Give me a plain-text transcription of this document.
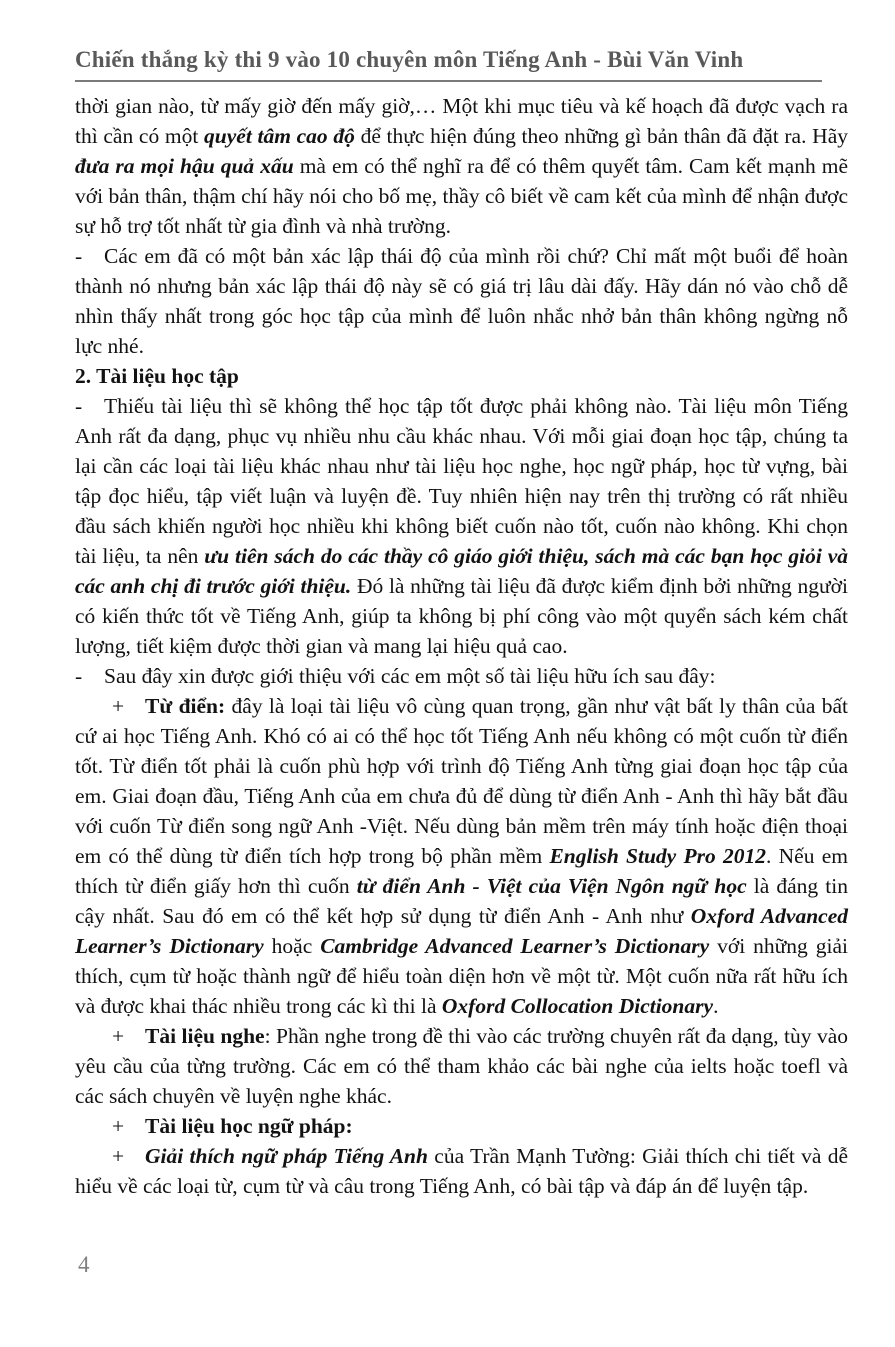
Chiến thắng kỳ thi 9 vào 10 chuyên môn Tiếng Anh - Bùi Văn Vinh

thời gian nào, từ mấy giờ đến mấy giờ,… Một khi mục tiêu và kế hoạch đã được vạch ra thì cần có một quyết tâm cao độ để thực hiện đúng theo những gì bản thân đã đặt ra. Hãy đưa ra mọi hậu quả xấu mà em có thể nghĩ ra để có thêm quyết tâm. Cam kết mạnh mẽ với bản thân, thậm chí hãy nói cho bố mẹ, thầy cô biết về cam kết của mình để nhận được sự hỗ trợ tốt nhất từ gia đình và nhà trường.

- Các em đã có một bản xác lập thái độ của mình rồi chứ? Chỉ mất một buổi để hoàn thành nó nhưng bản xác lập thái độ này sẽ có giá trị lâu dài đấy. Hãy dán nó vào chỗ dễ nhìn thấy nhất trong góc học tập của mình để luôn nhắc nhở bản thân không ngừng nỗ lực nhé.

2. Tài liệu học tập

- Thiếu tài liệu thì sẽ không thể học tập tốt được phải không nào. Tài liệu môn Tiếng Anh rất đa dạng, phục vụ nhiều nhu cầu khác nhau. Với mỗi giai đoạn học tập, chúng ta lại cần các loại tài liệu khác nhau như tài liệu học nghe, học ngữ pháp, học từ vựng, bài tập đọc hiểu, tập viết luận và luyện đề. Tuy nhiên hiện nay trên thị trường có rất nhiều đầu sách khiến người học nhiều khi không biết cuốn nào tốt, cuốn nào không. Khi chọn tài liệu, ta nên ưu tiên sách do các thầy cô giáo giới thiệu, sách mà các bạn học giỏi và các anh chị đi trước giới thiệu. Đó là những tài liệu đã được kiểm định bởi những người có kiến thức tốt về Tiếng Anh, giúp ta không bị phí công vào một quyển sách kém chất lượng, tiết kiệm được thời gian và mang lại hiệu quả cao.

- Sau đây xin được giới thiệu với các em một số tài liệu hữu ích sau đây:

+ Từ điển: đây là loại tài liệu vô cùng quan trọng, gần như vật bất ly thân của bất cứ ai học Tiếng Anh. Khó có ai có thể học tốt Tiếng Anh nếu không có một cuốn từ điển tốt. Từ điển tốt phải là cuốn phù hợp với trình độ Tiếng Anh từng giai đoạn học tập của em. Giai đoạn đầu, Tiếng Anh của em chưa đủ để dùng từ điển Anh - Anh thì hãy bắt đầu với cuốn Từ điển song ngữ Anh -Việt. Nếu dùng bản mềm trên máy tính hoặc điện thoại em có thể dùng từ điển tích hợp trong bộ phần mềm English Study Pro 2012. Nếu em thích từ điển giấy hơn thì cuốn từ điển Anh - Việt của Viện Ngôn ngữ học là đáng tin cậy nhất. Sau đó em có thể kết hợp sử dụng từ điển Anh - Anh như Oxford Advanced Learner’s Dictionary hoặc Cambridge Advanced Learner’s Dictionary với những giải thích, cụm từ hoặc thành ngữ để hiểu toàn diện hơn về một từ. Một cuốn nữa rất hữu ích và được khai thác nhiều trong các kì thi là Oxford Collocation Dictionary.

+ Tài liệu nghe: Phần nghe trong đề thi vào các trường chuyên rất đa dạng, tùy vào yêu cầu của từng trường. Các em có thể tham khảo các bài nghe của ielts hoặc toefl và các sách chuyên về luyện nghe khác.

+ Tài liệu học ngữ pháp:

+ Giải thích ngữ pháp Tiếng Anh của Trần Mạnh Tường: Giải thích chi tiết và dễ hiểu về các loại từ, cụm từ và câu trong Tiếng Anh, có bài tập và đáp án để luyện tập.

4
